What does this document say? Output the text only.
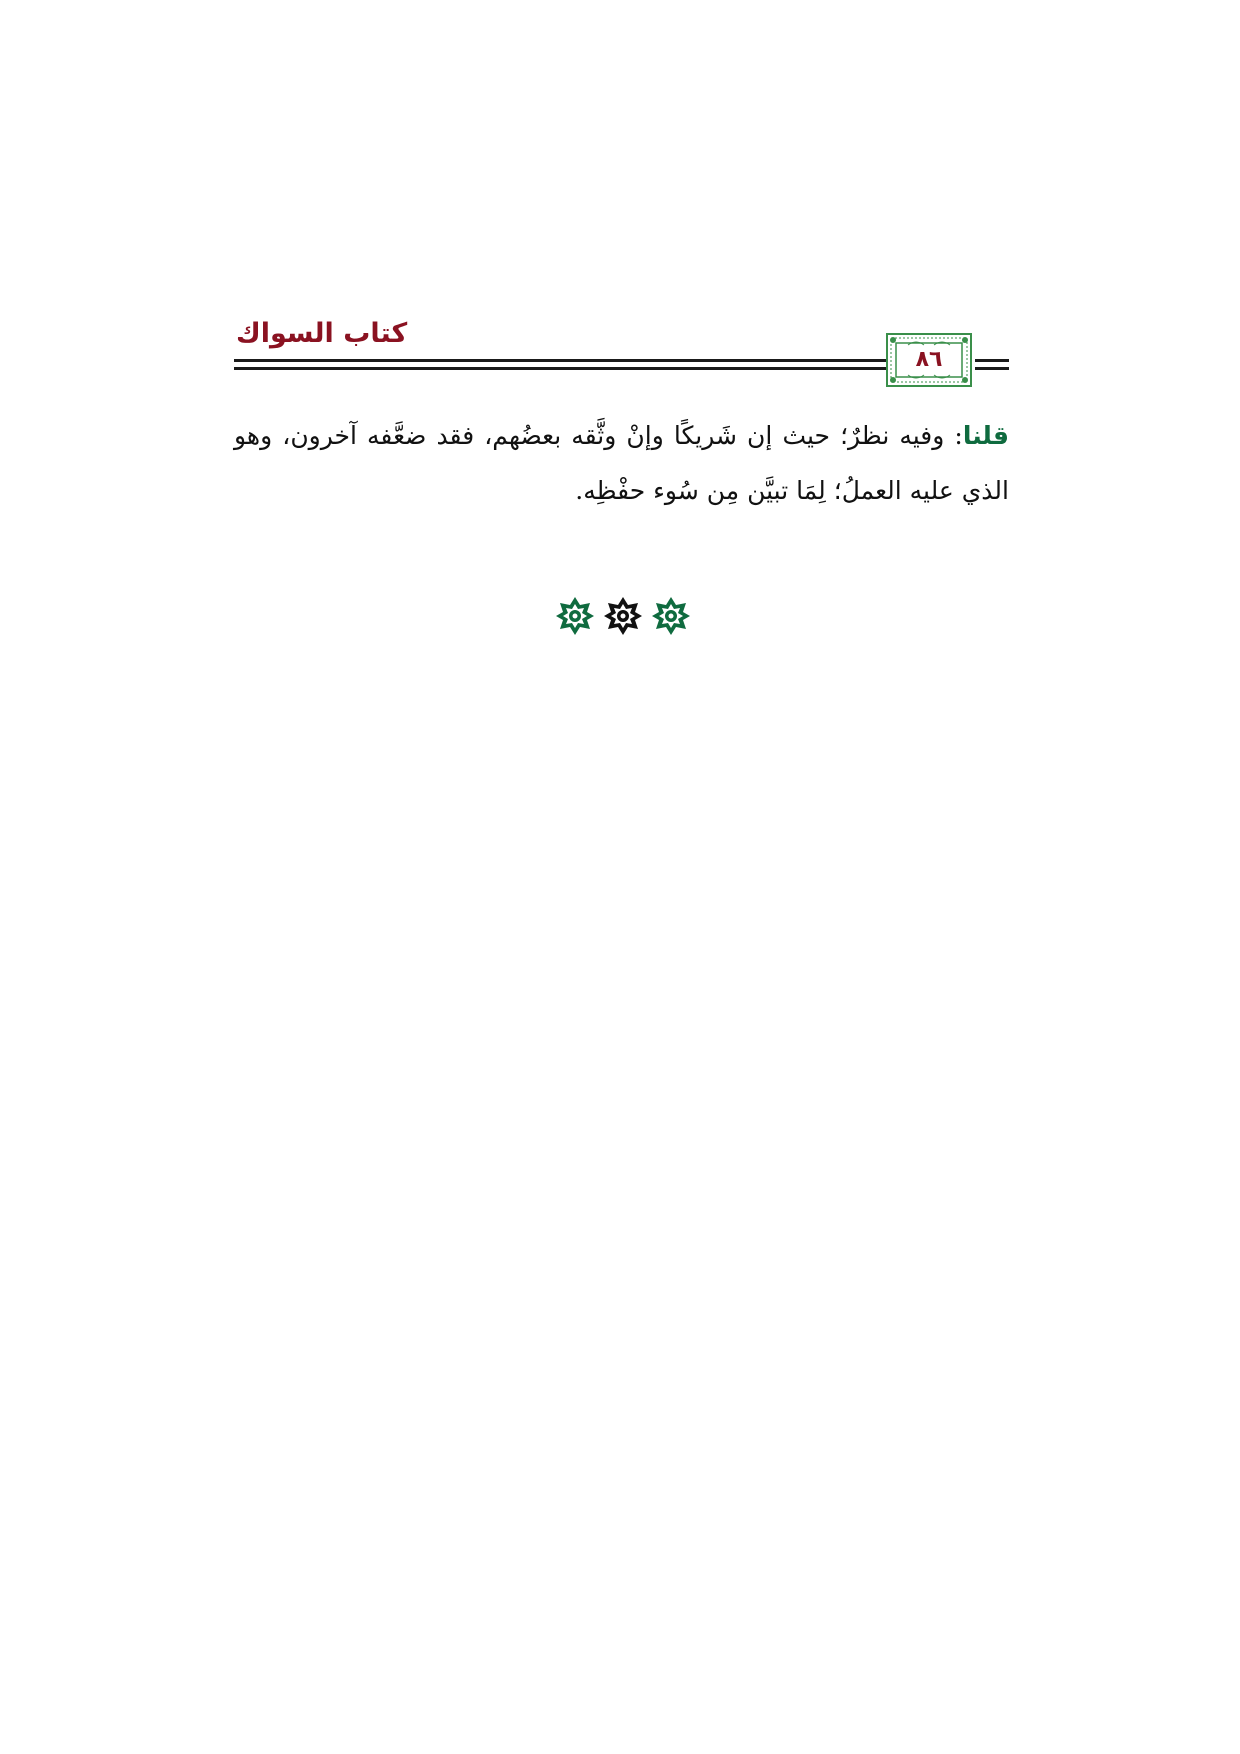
كتاب السواك
٨٦
قلنا: وفيه نظرٌ؛ حيث إن شَريكًا وإنْ وثَّقه بعضُهم، فقد ضعَّفه آخرون، وهو الذي عليه العملُ؛ لِمَا تبيَّن مِن سُوء حفْظِه.
